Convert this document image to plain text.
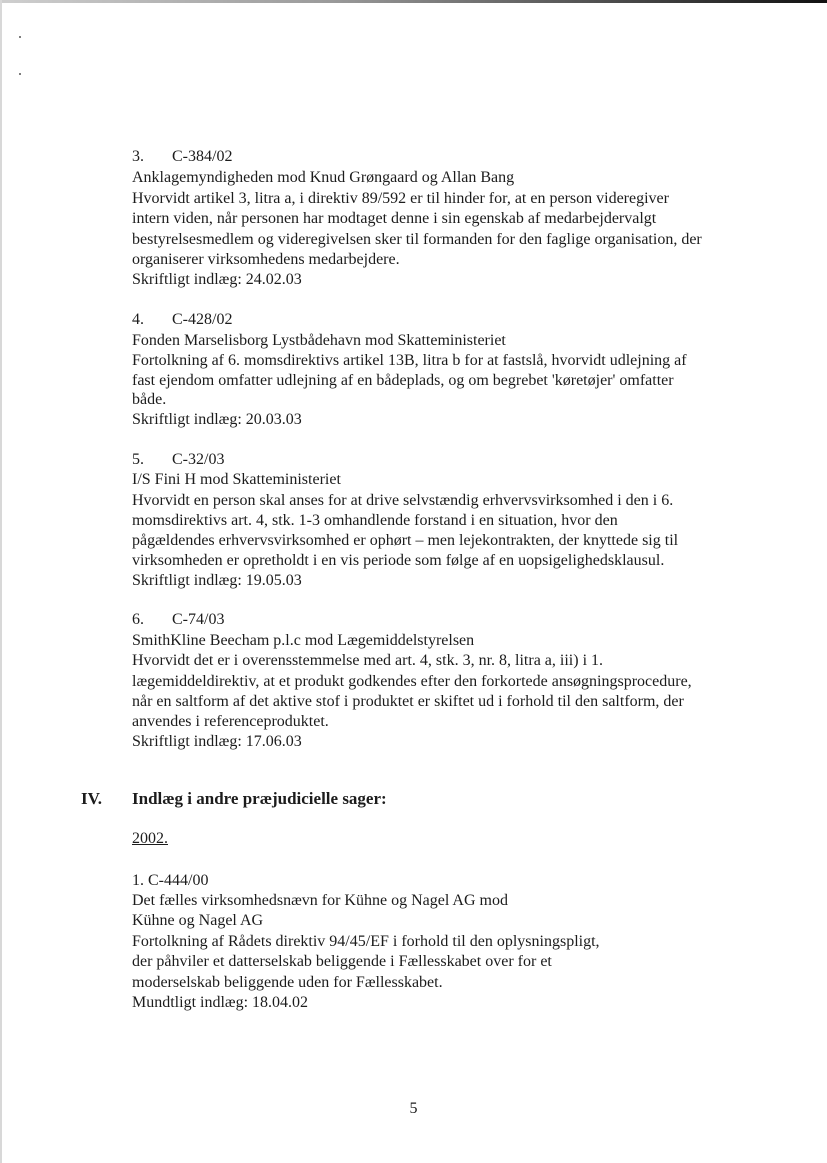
3. C-384/02
Anklagemyndigheden mod Knud Grøngaard og Allan Bang
Hvorvidt artikel 3, litra a, i direktiv 89/592 er til hinder for, at en person videregiver
intern viden, når personen har modtaget denne i sin egenskab af medarbejdervalgt
bestyrelsesmedlem og videregivelsen sker til formanden for den faglige organisation, der
organiserer virksomhedens medarbejdere.
Skriftligt indlæg: 24.02.03
4. C-428/02
Fonden Marselisborg Lystbådehavn mod Skatteministeriet
Fortolkning af 6. momsdirektivs artikel 13B, litra b for at fastslå, hvorvidt udlejning af
fast ejendom omfatter udlejning af en bådeplads, og om begrebet 'køretøjer' omfatter
både.
Skriftligt indlæg: 20.03.03
5. C-32/03
I/S Fini H mod Skatteministeriet
Hvorvidt en person skal anses for at drive selvstændig erhvervsvirksomhed i den i 6.
momsdirektivs art. 4, stk. 1-3 omhandlende forstand i en situation, hvor den
pågældendes erhvervsvirksomhed er ophørt – men lejekontrakten, der knyttede sig til
virksomheden er opretholdt i en vis periode som følge af en uopsigelighedsklausul.
Skriftligt indlæg: 19.05.03
6. C-74/03
SmithKline Beecham p.l.c mod Lægemiddelstyrelsen
Hvorvidt det er i overensstemmelse med art. 4, stk. 3, nr. 8, litra a, iii) i 1.
lægemiddeldirektiv, at et produkt godkendes efter den forkortede ansøgningsprocedure,
når en saltform af det aktive stof i produktet er skiftet ud i forhold til den saltform, der
anvendes i referenceproduktet.
Skriftligt indlæg: 17.06.03
IV. Indlæg i andre præjudicielle sager:
2002.
1. C-444/00
Det fælles virksomhedsnævn for Kühne og Nagel AG mod
Kühne og Nagel AG
Fortolkning af Rådets direktiv 94/45/EF i forhold til den oplysningspligt,
der påhviler et datterselskab beliggende i Fællesskabet over for et
moderselskab beliggende uden for Fællesskabet.
Mundtligt indlæg: 18.04.02
5
